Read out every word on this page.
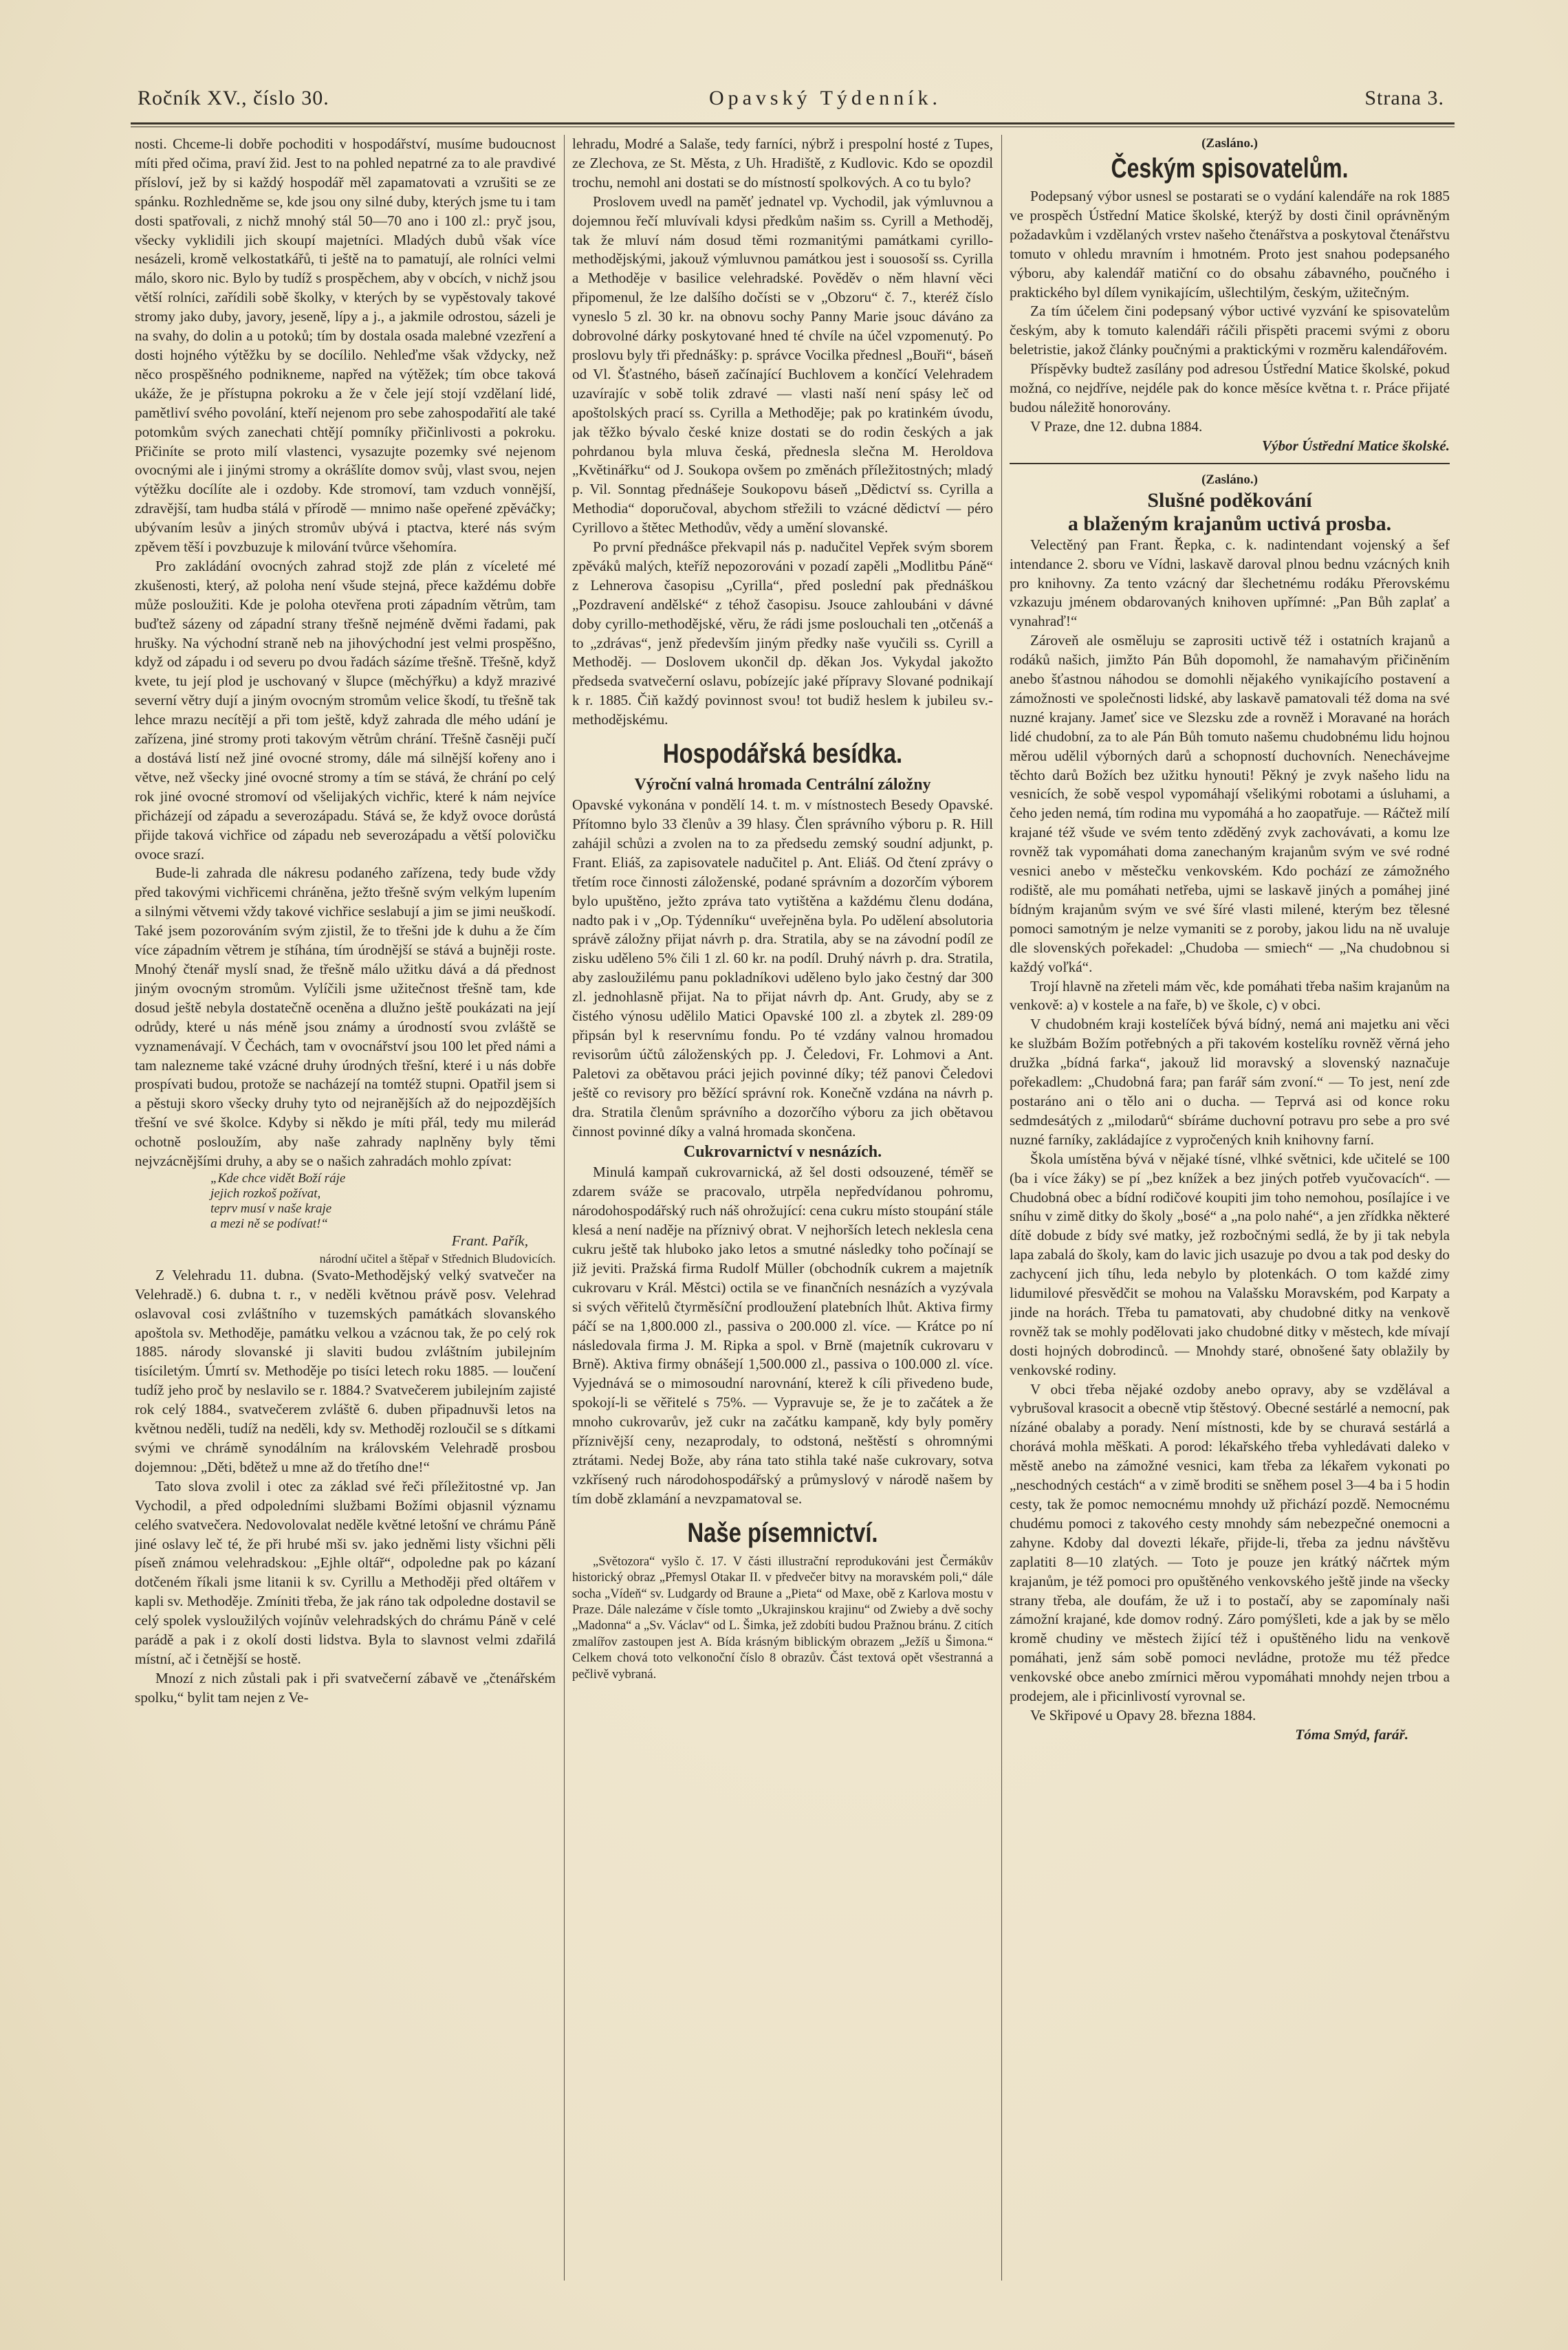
Ročník XV., číslo 30.	Opavský Týdenník.	Strana 3.

nosti. Chceme-li dobře pochoditi v hospodářství, musíme budoucnost míti před očima, praví žid. Jest to na pohled nepatrné za to ale pravdivé přísloví, jež by si každý hospodář měl zapamatovati a vzrušiti se ze spánku. Rozhledněme se, kde jsou ony silné duby, kterých jsme tu i tam dosti spatřovali, z nichž mnohý stál 50—70 ano i 100 zl.: pryč jsou, všecky vyklidili jich skoupí majetníci. Mladých dubů však více nesázeli, kromě velkostatkářů, ti ještě na to pamatují, ale rolníci velmi málo, skoro nic. Bylo by tudíž s prospěchem, aby v obcích, v nichž jsou větší rolníci, zařídili sobě školky, v kterých by se vypěstovaly takové stromy jako duby, javory, jeseně, lípy a j., a jakmile odrostou, sázeli je na svahy, do dolin a u potoků; tím by dostala osada malebné vzezření a dosti hojného výtěžku by se docílilo. Nehleďme však vždycky, než něco prospěšného podnikneme, napřed na výtěžek; tím obce taková ukáže, že je přístupna pokroku a že v čele její stojí vzdělaní lidé, pamětliví svého povolání, kteří nejenom pro sebe zahospodařití ale také potomkům svých zanechati chtějí pomníky přičinlivosti a pokroku. Přičiníte se proto milí vlastenci, vysazujte pozemky své nejenom ovocnými ale i jinými stromy a okrášlíte domov svůj, vlast svou, nejen výtěžku docílíte ale i ozdoby. Kde stromoví, tam vzduch vonnější, zdravější, tam hudba stálá v přírodě — mnimo naše opeřené zpěváčky; ubývaním lesův a jiných stromův ubývá i ptactva, které nás svým zpěvem těší i povzbuzuje k milování tvůrce všehomíra.

Pro zakládání ovocných zahrad stojž zde plán z víceleté mé zkušenosti, který, až poloha není všude stejná, přece každému dobře může posloužiti. Kde je poloha otevřena proti západním větrům, tam buďtež sázeny od západní strany třešně nejméně dvěmi řadami, pak hrušky. Na východní straně neb na jihovýchodní jest velmi prospěšno, když od západu i od severu po dvou řadách sázíme třešně. Třešně, když kvete, tu její plod je uschovaný v šlupce (měchýřku) a když mrazivé severní větry dují a jiným ovocným stromům velice škodí, tu třešně tak lehce mrazu necítějí a při tom ještě, když zahrada dle mého udání je zařízena, jiné stromy proti takovým větrům chrání. Třešně časněji pučí a dostává listí než jiné ovocné stromy, dále má silnější kořeny ano i větve, než všecky jiné ovocné stromy a tím se stává, že chrání po celý rok jiné ovocné stromoví od všelijakých vichřic, které k nám nejvíce přicházejí od západu a severozápadu. Stává se, že když ovoce dorůstá přijde taková vichřice od západu neb severozápadu a větší polovičku ovoce srazí.

Bude-li zahrada dle nákresu podaného zařízena, tedy bude vždy před takovými vichřicemi chráněna, ježto třešně svým velkým lupením a silnými větvemi vždy takové vichřice seslabují a jim se jimi neuškodí. Také jsem pozorováním svým zjistil, že to třešni jde k duhu a že čím více západním větrem je stíhána, tím úrodnější se stává a bujněji roste. Mnohý čtenář myslí snad, že třešně málo užitku dává a dá přednost jiným ovocným stromům. Vylíčili jsme užitečnost třešně tam, kde dosud ještě nebyla dostatečně oceněna a dlužno ještě poukázati na její odrůdy, které u nás méně jsou známy a úrodností svou zvláště se vyznamenávají. V Čechách, tam v ovocnářství jsou 100 let před námi a tam nalezneme také vzácné druhy úrodných třešní, které i u nás dobře prospívati budou, protože se nacházejí na tomtéž stupni. Opatřil jsem si a pěstuji skoro všecky druhy tyto od nejranějších až do nejpozdějších třešní ve své školce. Kdyby si někdo je míti přál, tedy mu milerád ochotně posloužím, aby naše zahrady naplněny byly těmi nejvzácnějšími druhy, a aby se o našich zahradách mohlo zpívat:

„Kde chce vidět Boží ráje
jejich rozkoš požívat,
teprv musí v naše kraje
a mezi ně se podívat!“
Frant. Pařík,
národní učitel a štěpař v Střednich Bludovicích.

Z Velehradu 11. dubna. (Svato-Methodějský velký svatvečer na Velehradě.) 6. dubna t. r., v neděli květnou právě posv. Velehrad oslavoval cosi zvláštního v tuzemských památkách slovanského apoštola sv. Methoděje, památku velkou a vzácnou tak, že po celý rok 1885. národy slovanské ji slaviti budou zvláštním jubilejním tisíciletým. Úmrtí sv. Methoděje po tisíci letech roku 1885. — loučení tudíž jeho proč by neslavilo se r. 1884.? Svatvečerem jubilejním zajisté rok celý 1884., svatvečerem zvláště 6. duben připadnuvši letos na květnou neděli, tudíž na neděli, kdy sv. Methoděj rozloučil se s dítkami svými ve chrámě synodálním na královském Velehradě prosbou dojemnou: „Děti, bdětež u mne až do třetího dne!“

Tato slova zvolil i otec za základ své řeči příležitostné vp. Jan Vychodil, a před odpoledními službami Božími objasnil významu celého svatvečera. Nedovolovalat neděle květné letošní ve chrámu Páně jiné oslavy leč té, že při hrubé mši sv. jako jedněmi listy všichni pěli píseň známou velehradskou: „Ejhle oltář“, odpoledne pak po kázaní dotčeném říkali jsme litanii k sv. Cyrillu a Methoději před oltářem v kapli sv. Methoděje. Zmíniti třeba, že jak ráno tak odpoledne dostavil se celý spolek vysloužilých vojínův velehradských do chrámu Páně v celé parádě a pak i z okolí dosti lidstva. Byla to slavnost velmi zdařilá místní, ač i četnější se hostě.

Mnozí z nich zůstali pak i při svatvečerní zábavě ve „čtenářském spolku,“ bylit tam nejen z Ve-

lehradu, Modré a Salaše, tedy farníci, nýbrž i prespolní hosté z Tupes, ze Zlechova, ze St. Města, z Uh. Hradiště, z Kudlovic. Kdo se opozdil trochu, nemohl ani dostati se do místností spolkových. A co tu bylo?

Proslovem uvedl na paměť jednatel vp. Vychodil, jak výmluvnou a dojemnou řečí mluvívali kdysi předkům našim ss. Cyrill a Methoděj, tak že mluví nám dosud těmi rozmanitými památkami cyrillo-methodějskými, jakouž výmluvnou památkou jest i souosoší ss. Cyrilla a Methoděje v basilice velehradské. Pověděv o něm hlavní věci připomenul, že lze dalšího dočísti se v „Obzoru“ č. 7., kteréž číslo vyneslo 5 zl. 30 kr. na obnovu sochy Panny Marie jsouc dáváno za dobrovolné dárky poskytované hned té chvíle na účel vzpomenutý. Po proslovu byly tři přednášky: p. správce Vocilka přednesl „Bouři“, báseň od Vl. Šťastného, báseň začínající Buchlovem a končící Velehradem uzavírajíc v sobě tolik zdravé — vlasti naší není spásy leč od apoštolských prací ss. Cyrilla a Methoděje; pak po kratinkém úvodu, jak těžko bývalo české knize dostati se do rodin českých a jak pohrdanou byla mluva česká, přednesla slečna M. Heroldova „Květinářku“ od J. Soukopa ovšem po změnách příležitostných; mladý p. Vil. Sonntag přednášeje Soukopovu báseň „Dědictví ss. Cyrilla a Methodia“ doporučoval, abychom střežili to vzácné dědictví — péro Cyrillovo a štětec Methodův, vědy a umění slovanské.

Po první přednášce překvapil nás p. nadučitel Vepřek svým sborem zpěváků malých, kteříž nepozorováni v pozadí zapěli „Modlitbu Páně“ z Lehnerova časopisu „Cyrilla“, před poslední pak přednáškou „Pozdravení andělské“ z téhož časopisu. Jsouce zahloubáni v dávné doby cyrillo-methodějské, věru, že rádi jsme poslouchali ten „otčenáš a to „zdrávas“, jenž především jiným předky naše vyučili ss. Cyrill a Methoděj. — Doslovem ukončil dp. děkan Jos. Vykydal jakožto předseda svatvečerní oslavu, pobízejíc jaké přípravy Slované podnikají k r. 1885. Čiň každý povinnost svou! tot budiž heslem k jubileu sv.-methodějskému.

Hospodářská besídka.
Výroční valná hromada Centrální záložny

Opavské vykonána v pondělí 14. t. m. v místnostech Besedy Opavské. Přítomno bylo 33 členův a 39 hlasy. Člen správního výboru p. R. Hill zahájil schůzi a zvolen na to za předsedu zemský soudní adjunkt, p. Frant. Eliáš, za zapisovatele nadučitel p. Ant. Eliáš. Od čtení zprávy o třetím roce činnosti záloženské, podané správním a dozorčím výborem bylo upuštěno, ježto zpráva tato vytištěna a každému členu dodána, nadto pak i v „Op. Týdenníku“ uveřejněna byla. Po udělení absolutoria správě záložny přijat návrh p. dra. Stratila, aby se na závodní podíl ze zisku uděleno 5% čili 1 zl. 60 kr. na podíl. Druhý návrh p. dra. Stratila, aby zasloužilému panu pokladníkovi uděleno bylo jako čestný dar 300 zl. jednohlasně přijat. Na to přijat návrh dp. Ant. Grudy, aby se z čistého výnosu udělilo Matici Opavské 100 zl. a zbytek zl. 289·09 připsán byl k reservnímu fondu. Po té vzdány valnou hromadou revisorům účtů záloženských pp. J. Čeledovi, Fr. Lohmovi a Ant. Paletovi za obětavou práci jejich povinné díky; též panovi Čeledovi ještě co revisory pro běžící správní rok. Konečně vzdána na návrh p. dra. Stratila členům správního a dozorčího výboru za jich obětavou činnost povinné díky a valná hromada skončena.

Cukrovarnictví v nesnázích.

Minulá kampaň cukrovarnická, až šel dosti odsouzené, téměř se zdarem sváže se pracovalo, utrpěla nepředvídanou pohromu, národohospodářský ruch náš ohrožující: cena cukru místo stoupání stále klesá a není naděje na příznivý obrat. V nejhorších letech neklesla cena cukru ještě tak hluboko jako letos a smutné následky toho počínají se již jeviti. Pražská firma Rudolf Müller (obchodník cukrem a majetník cukrovaru v Král. Městci) octila se ve finančních nesnázích a vyzývala si svých věřitelů čtyrměsíční prodloužení platebních lhůt. Aktiva firmy páčí se na 1,800.000 zl., passiva o 200.000 zl. více. — Krátce po ní následovala firma J. M. Ripka a spol. v Brně (majetník cukrovaru v Brně). Aktiva firmy obnášejí 1,500.000 zl., passiva o 100.000 zl. více. Vyjednává se o mimosoudní narovnání, kterež k cíli přivedeno bude, spokojí-li se věřitelé s 75%. — Vypravuje se, že je to začátek a že mnoho cukrovarův, jež cukr na začátku kampaně, kdy byly poměry příznivější ceny, nezaprodaly, to odstoná, neštěstí s ohromnými ztrátami. Nedej Bože, aby rána tato stihla také naše cukrovary, sotva vzkřísený ruch národohospodářský a průmyslový v národě našem by tím době zklamání a nevzpamatoval se.

Naše písemnictví.

„Světozora“ vyšlo č. 17. V části illustrační reprodukováni jest Čermákův historický obraz „Přemysl Otakar II. v předvečer bitvy na moravském poli,“ dále socha „Vídeň“ sv. Ludgardy od Braune a „Pieta“ od Maxe, obě z Karlova mostu v Praze. Dále nalezáme v čísle tomto „Ukrajinskou krajinu“ od Zwieby a dvě sochy „Madonna“ a „Sv. Václav“ od L. Šimka, jež zdobíti budou Pražnou bránu. Z citích zmalířov zastoupen jest A. Bída krásným biblickým obrazem „Ježíš u Šimona.“ Celkem chová toto velkonoční číslo 8 obrazův. Část textová opět všestranná a pečlivě vybraná.

(Zasláno.)
Českým spisovatelům.

Podepsaný výbor usnesl se postarati se o vydání kalendáře na rok 1885 ve prospěch Ústřední Matice školské, kterýž by dosti činil oprávněným požadavkům i vzdělaných vrstev našeho čtenářstva a poskytoval čtenářstvu tomuto v ohledu mravním i hmotném. Proto jest snahou podepsaného výboru, aby kalendář matiční co do obsahu zábavného, poučného i praktického byl dílem vynikajícím, ušlechtilým, českým, užitečným.

Za tím účelem čini podepsaný výbor uctivé vyzvání ke spisovatelům českým, aby k tomuto kalendáři ráčili přispěti pracemi svými z oboru beletristie, jakož články poučnými a praktickými v rozměru kalendářovém.

Příspěvky budtež zasílány pod adresou Ústřední Matice školské, pokud možná, co nejdříve, nejdéle pak do konce měsíce května t. r. Práce přijaté budou náležitě honorovány.

V Praze, dne 12. dubna 1884.

Výbor Ústřední Matice školské.
(Zasláno.)
Slušné poděkování
a blaženým krajanům uctivá prosba.

Velectěný pan Frant. Řepka, c. k. nadintendant vojenský a šef intendance 2. sboru ve Vídni, laskavě daroval plnou bednu vzácných knih pro knihovny. Za tento vzácný dar šlechetnému rodáku Přerovskému vzkazuju jménem obdarovaných knihoven upřímné: „Pan Bůh zaplať a vynahraď!“

Zároveň ale osměluju se zaprositi uctivě též i ostatních krajanů a rodáků našich, jimžto Pán Bůh dopomohl, že namahavým přičiněním anebo šťastnou náhodou se domohli nějakého vynikajícího postavení a zámožnosti ve společnosti lidské, aby laskavě pamatovali též doma na své nuzné krajany. Jameť sice ve Slezsku zde a rovněž i Moravané na horách lidé chudobní, za to ale Pán Bůh tomuto našemu chudobnému lidu hojnou měrou udělil výborných darů a schopností duchovních. Nenechávejme těchto darů Božích bez užitku hynouti! Pěkný je zvyk našeho lidu na vesnicích, že sobě vespol vypomáhají všelikými robotami a úsluhami, a čeho jeden nemá, tím rodina mu vypomáhá a ho zaopatřuje. — Ráčtež milí krajané též všude ve svém tento zděděný zvyk zachovávati, a komu lze rovněž tak vypomáhati doma zanechaným krajanům svým ve své rodné vesnici anebo v městečku venkovském. Kdo pochází ze zámožného rodiště, ale mu pomáhati netřeba, ujmi se laskavě jiných a pomáhej jiné bídným krajanům svým ve své šíré vlasti milené, kterým bez tělesné pomoci samotným je nelze vymaniti se z poroby, jakou lidu na ně uvaluje dle slovenských pořekadel: „Chudoba — smiech“ — „Na chudobnou si každý voľká“.

Trojí hlavně na zřeteli mám věc, kde pomáhati třeba našim krajanům na venkově: a) v kostele a na faře, b) ve škole, c) v obci.

V chudobném kraji kostelíček bývá bídný, nemá ani majetku ani věci ke službám Božím potřebných a při takovém kostelíku rovněž věrná jeho družka „bídná farka“, jakouž lid moravský a slovenský naznačuje pořekadlem: „Chudobná fara; pan farář sám zvoní.“ — To jest, není zde postaráno ani o tělo ani o ducha. — Teprvá asi od konce roku sedmdesátých z „milodarů“ sbíráme duchovní potravu pro sebe a pro své nuzné farníky, zakládajíce z vypročených knih knihovny farní.

Škola umístěna bývá v nějaké tísné, vlhké světnici, kde učitelé se 100 (ba i více žáky) se pí „bez knížek a bez jiných potřeb vyučovacích“. — Chudobná obec a bídní rodičové koupiti jim toho nemohou, posílajíce i ve sníhu v zimě ditky do školy „bosé“ a „na polo nahé“, a jen zřídkka některé dítě dobude z bídy své matky, jež rozbočnými sedlá, že by ji tak nebyla lapa zabalá do školy, kam do lavic jich usazuje po dvou a tak pod desky do zachycení jich tíhu, leda nebylo by plotenkách. O tom každé zimy lidumilové přesvědčit se mohou na Valašsku Moravském, pod Karpaty a jinde na horách. Třeba tu pamatovati, aby chudobné ditky na venkově rovněž tak se mohly podělovati jako chudobné ditky v městech, kde mívají dosti hojných dobrodinců. — Mnohdy staré, obnošené šaty oblažily by venkovské rodiny.

V obci třeba nějaké ozdoby anebo opravy, aby se vzdělával a vybrušoval krasocit a obecně vtip štěstový. Obecné sestárlé a nemocní, pak nízáné obalaby a porady. Není místnosti, kde by se churavá sestárlá a chorává mohla měškati. A porod: lékařského třeba vyhledávati daleko v městě anebo na zámožné vesnici, kam třeba za lékařem vykonati po „neschodných cestách“ a v zimě broditi se sněhem posel 3—4 ba i 5 hodin cesty, tak že pomoc nemocnému mnohdy už přichází pozdě. Nemocnému chudému pomoci z takového cesty mnohdy sám nebezpečné onemocni a zahyne. Kdoby dal dovezti lékaře, přijde-li, třeba za jednu návštěvu zaplatiti 8—10 zlatých. — Toto je pouze jen krátký náčrtek mým krajanům, je též pomoci pro opuštěného venkovského ještě jinde na všecky strany třeba, ale doufám, že už i to postačí, aby se zapomínaly naši zámožní krajané, kde domov rodný. Záro pomýšleti, kde a jak by se mělo kromě chudiny ve městech žijící též i opuštěného lidu na venkově pomáhati, jenž sám sobě pomoci nevládne, protože mu též předce venkovské obce anebo zmírnici měrou vypomáhati mnohdy nejen trbou a prodejem, ale i přicinlivostí vyrovnal se.

Ve Skřipové u Opavy 28. března 1884.

Tóma Smýd, farář.
